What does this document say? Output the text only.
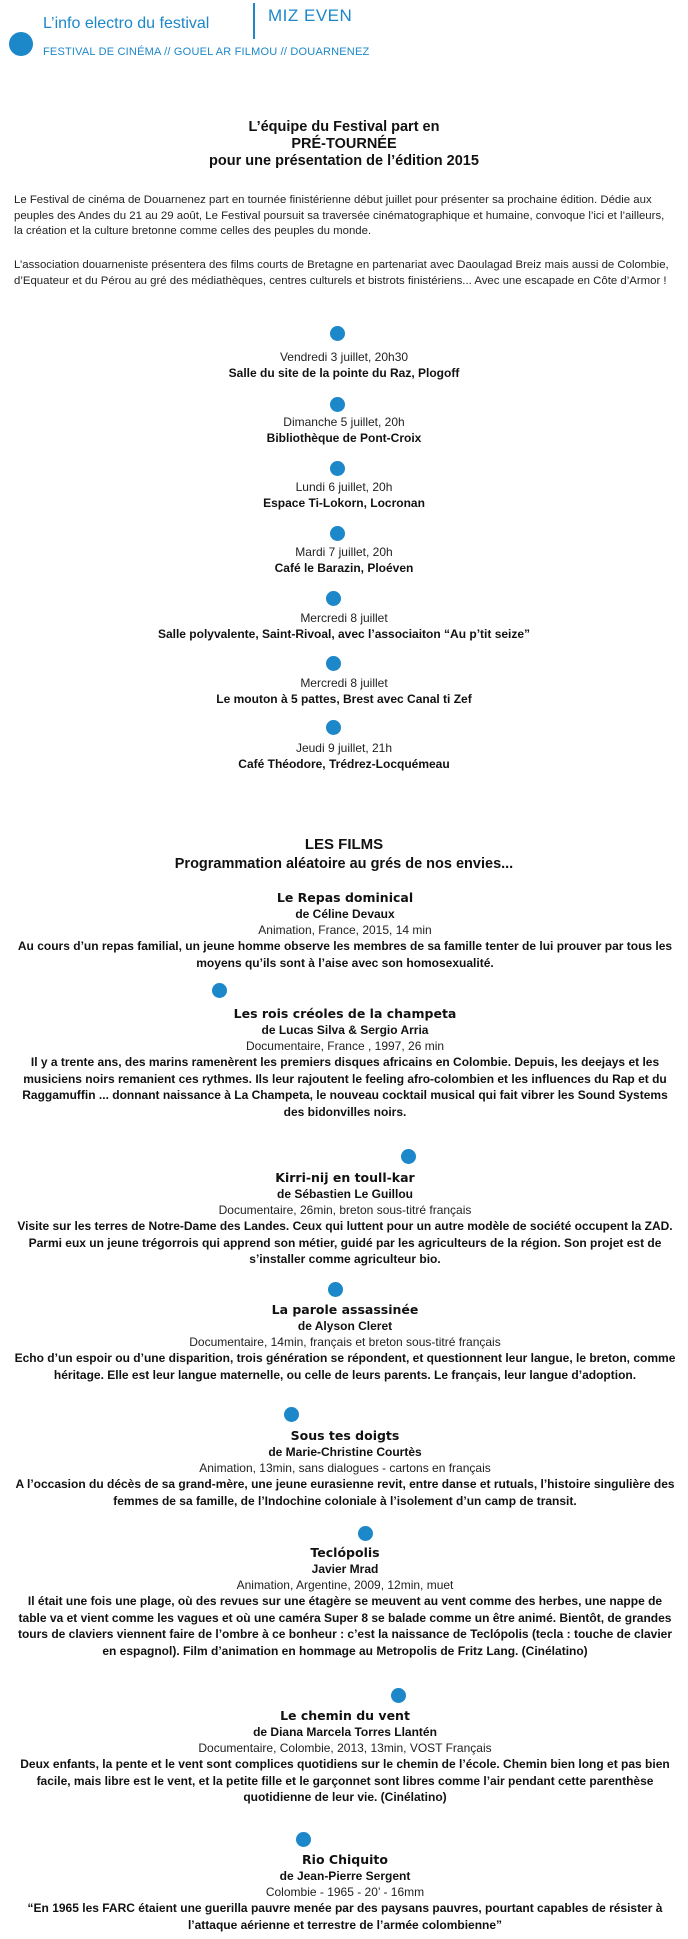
L’info electro du festival	MIZ EVEN
FESTIVAL DE CINÉMA // GOUEL AR FILMOU // DOUARNENEZ
L’équipe du Festival part en
PRÉ-TOURNÉE
pour une présentation de l’édition 2015
Le Festival de cinéma de Douarnenez part en tournée finistérienne début juillet pour présenter sa prochaine édition. Dédie aux peuples des Andes du 21 au 29 août, Le Festival poursuit sa traversée cinématographique et humaine, convoque l’ici et l’ailleurs, la création et la culture bretonne comme celles des peuples du monde.
L’association douarneniste présentera des films courts de Bretagne en partenariat avec Daoulagad Breiz mais aussi de Colombie, d’Equateur et du Pérou au gré des médiathèques, centres culturels et bistrots finistériens... Avec une escapade en Côte d’Armor !
Vendredi 3 juillet, 20h30
Salle du site de la pointe du Raz, Plogoff
Dimanche 5 juillet, 20h
Bibliothèque de Pont-Croix
Lundi 6 juillet, 20h
Espace Ti-Lokorn, Locronan
Mardi 7 juillet, 20h
Café le Barazin, Ploéven
Mercredi 8 juillet
Salle polyvalente, Saint-Rivoal, avec l’associaiton “Au p’tit seize”
Mercredi 8 juillet
Le mouton à 5 pattes, Brest avec Canal ti Zef
Jeudi 9 juillet, 21h
Café Théodore, Trédrez-Locquémeau
LES FILMS
Programmation aléatoire au grés de nos envies...
Le Repas dominical
de Céline Devaux
Animation, France, 2015, 14 min
Au cours d’un repas familial, un jeune homme observe les membres de sa famille tenter de lui prouver par tous les moyens qu’ils sont à l’aise avec son homosexualité.
Les rois créoles de la champeta
de Lucas Silva & Sergio Arria
Documentaire, France , 1997, 26 min
Il y a trente ans, des marins ramenèrent les premiers disques africains en Colombie. Depuis, les deejays et les musiciens noirs remanient ces rythmes. Ils leur rajoutent le feeling afro-colombien et les influences du Rap et du Raggamuffin ... donnant naissance à La Champeta, le nouveau cocktail musical qui fait vibrer les Sound Systems des bidonvilles noirs.
Kirri-nij en toull-kar
de Sébastien Le Guillou
Documentaire, 26min, breton sous-titré français
Visite sur les terres de Notre-Dame des Landes. Ceux qui luttent pour un autre modèle de société occupent la ZAD. Parmi eux un jeune trégorrois qui apprend son métier, guidé par les agriculteurs de la région. Son projet est de s’installer comme agriculteur bio.
La parole assassinée
de Alyson Cleret
Documentaire, 14min, français et breton sous-titré français
Echo d’un espoir ou d’une disparition, trois génération se répondent, et questionnent leur langue, le breton, comme héritage. Elle est leur langue maternelle, ou celle de leurs parents. Le français, leur langue d’adoption.
Sous tes doigts
de Marie-Christine Courtès
Animation, 13min, sans dialogues - cartons en français
A l’occasion du décès de sa grand-mère, une jeune eurasienne revit, entre danse et rutuals, l’histoire singulière des femmes de sa famille, de l’Indochine coloniale à l’isolement d’un camp de transit.
Teclópolis
Javier Mrad
Animation, Argentine, 2009, 12min, muet
Il était une fois une plage, où des revues sur une étagère se meuvent au vent comme des herbes, une nappe de table va et vient comme les vagues et où une caméra Super 8 se balade comme un être animé. Bientôt, de grandes tours de claviers viennent faire de l’ombre à ce bonheur : c’est la naissance de Teclópolis (tecla : touche de clavier en espagnol). Film d’animation en hommage au Metropolis de Fritz Lang. (Cinélatino)
Le chemin du vent
de Diana Marcela Torres Llantén
Documentaire, Colombie, 2013, 13min, VOST Français
Deux enfants, la pente et le vent sont complices quotidiens sur le chemin de l’école. Chemin bien long et pas bien facile, mais libre est le vent, et la petite fille et le garçonnet sont libres comme l’air pendant cette parenthèse quotidienne de leur vie. (Cinélatino)
Rio Chiquito
de Jean-Pierre Sergent
Colombie - 1965 - 20’ - 16mm
“En 1965 les FARC étaient une guerilla pauvre menée par des paysans pauvres, pourtant capables de résister à l’attaque aérienne et terrestre de l’armée colombienne”
